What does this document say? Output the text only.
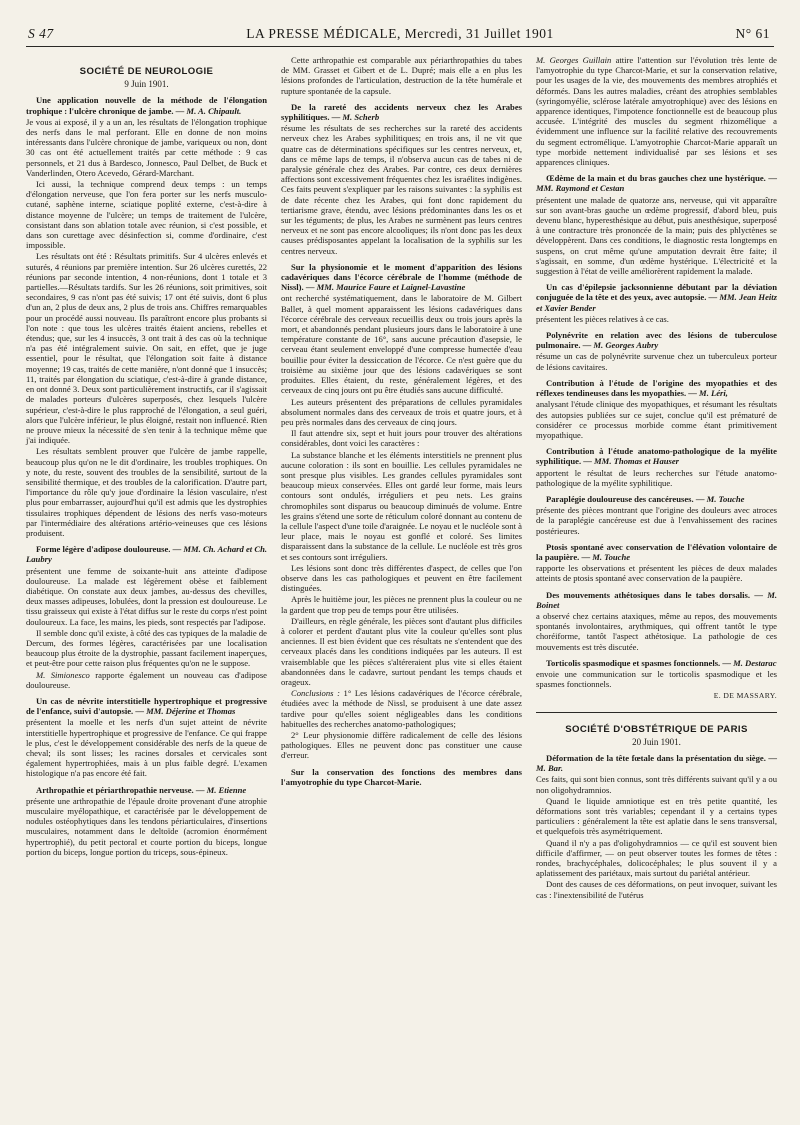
S 47	LA PRESSE MÉDICALE, Mercredi, 31 Juillet 1901	N° 61
SOCIÉTÉ DE NEUROLOGIE
9 Juin 1901.

Une application nouvelle de la méthode de l'élongation trophique : l'ulcère chronique de jambe. — M. A. Chipault.

Je vous ai exposé, il y a un an, les résultats de l'élongation trophique des nerfs dans le mal perforant. Elle en donne de non moins intéressants dans l'ulcère chronique de jambe, variqueux ou non, dont 30 cas ont été actuellement traités par cette méthode : 9 cas personnels, et 21 dus à Bardesco, Jonnesco, Paul Delbet, de Buck et Vanderlinden, Otero Acevedo, Gérard-Marchant.

Ici aussi, la technique comprend deux temps : un temps d'élongation nerveuse, que l'on fera porter sur les nerfs musculo-cutané, saphène interne, sciatique poplité externe, c'est-à-dire à distance moyenne de l'ulcère; un temps de traitement de l'ulcère, consistant dans son ablation totale avec réunion, si c'est possible, et dans son curettage avec désinfection si, comme d'ordinaire, c'est impossible.

Les résultats ont été : Résultats primitifs. Sur 4 ulcères enlevés et suturés, 4 réunions par première intention. Sur 26 ulcères curettés, 22 réunions par seconde intention, 4 non-réunions, dont 1 totale et 3 partielles.—Résultats tardifs. Sur les 26 réunions, soit primitives, soit secondaires, 9 cas n'ont pas été suivis; 17 ont été suivis, dont 6 plus d'un an, 2 plus de deux ans, 2 plus de trois ans. Chiffres remarquables pour un procédé aussi nouveau. Ils paraîtront encore plus probants si l'on note : que tous les ulcères traités étaient anciens, rebelles et étendus; que, sur les 4 insuccès, 3 ont trait à des cas où la technique n'a pas été intégralement suivie. On sait, en effet, que je juge essentiel, pour le résultat, que l'élongation soit faite à distance moyenne; 19 cas, traités de cette manière, n'ont donné que 1 insuccès; 11, traités par élongation du sciatique, c'est-à-dire à grande distance, en ont donné 3. Deux sont particulièrement instructifs, car il s'agissait de malades porteurs d'ulcères superposés, chez lesquels l'ulcère supérieur, c'est-à-dire le plus rapproché de l'élongation, a seul guéri, alors que l'ulcère inférieur, le plus éloigné, restait non influencé. Rien ne prouve mieux la nécessité de s'en tenir à la technique même que j'ai indiquée.

Les résultats semblent prouver que l'ulcère de jambe rappelle, beaucoup plus qu'on ne le dit d'ordinaire, les troubles trophiques. On y note, du reste, souvent des troubles de la sensibilité, surtout de la sensibilité thermique, et des troubles de la calorification. D'autre part, l'importance du rôle qu'y joue d'ordinaire la lésion vasculaire, n'est plus pour embarrasser, aujourd'hui qu'il est admis que les dystrophies tissulaires trophiques dépendent de lésions des nerfs vaso-moteurs par l'intermédiaire des altérations artério-veineuses que ces lésions produisent.

Forme légère d'adipose douloureuse. — MM. Ch. Achard et Ch. Laubry

présentent une femme de soixante-huit ans atteinte d'adipose douloureuse. La malade est légèrement obèse et faiblement diabétique. On constate aux deux jambes, au-dessus des chevilles, deux masses adipeuses, lobulées, dont la pression est douloureuse. Le tissu graisseux qui existe à l'état diffus sur le reste du corps n'est point douloureux. La face, les mains, les pieds, sont respectés par l'adipose.

Il semble donc qu'il existe, à côté des cas typiques de la maladie de Dercum, des formes légères, caractérisées par une localisation beaucoup plus étroite de la dystrophie, passant facilement inaperçues, et peut-être pour cette raison plus fréquentes qu'on ne le suppose.

M. Simionesco rapporte également un nouveau cas d'adipose douloureuse.

Un cas de névrite interstitielle hypertrophique et progressive de l'enfance, suivi d'autopsie. — MM. Déjerine et Thomas

présentent la moelle et les nerfs d'un sujet atteint de névrite interstitielle hypertrophique et progressive de l'enfance. Ce qui frappe le plus, c'est le développement considérable des nerfs de la queue de cheval; ils sont lisses; les racines dorsales et cervicales sont également hypertrophiées, mais à un plus faible degré. L'examen histologique n'a pas encore été fait.

Arthropathie et périarthropathie nerveuse. — M. Etienne

présente une arthropathie de l'épaule droite provenant d'une atrophie musculaire myélopathique, et caractérisée par le développement de nodules ostéophytiques dans les tendons périarticulaires, d'insertions musculaires, notamment dans le deltoïde (acromion énormément hypertrophié), du petit pectoral et courte portion du biceps, longue portion du biceps, longue portion du triceps, sous-épineux.

Cette arthropathie est comparable aux périarthropathies du tabes de MM. Grasset et Gibert et de L. Dupré; mais elle a en plus les lésions profondes de l'articulation, destruction de la tête humérale et rupture spontanée de la capsule.

De la rareté des accidents nerveux chez les Arabes syphilitiques. — M. Scherb

résume les résultats de ses recherches sur la rareté des accidents nerveux chez les Arabes syphilitiques; en trois ans, il ne vit que quatre cas de déterminations spécifiques sur les centres nerveux, et, dans ce même laps de temps, il n'observa aucun cas de tabes ni de paralysie générale chez des Arabes. Par contre, ces deux dernières affections sont excessivement fréquentes chez les israélites indigènes. Ces faits peuvent s'expliquer par les raisons suivantes : la syphilis est de date récente chez les Arabes, qui font donc rapidement du tertiarisme grave, étendu, avec lésions prédominantes dans les os et sur les téguments; de plus, les Arabes ne surmènent pas leurs centres nerveux et ne sont pas encore alcooliques; ils n'ont donc pas les deux causes prédisposantes appelant la localisation de la syphilis sur les centres nerveux.

Sur la physionomie et le moment d'apparition des lésions cadavériques dans l'écorce cérébrale de l'homme (méthode de Nissl). — MM. Maurice Faure et Laignel-Lavastine

ont recherché systématiquement, dans le laboratoire de M. Gilbert Ballet, à quel moment apparaissent les lésions cadavériques dans l'écorce cérébrale des cerveaux recueillis deux ou trois jours après la mort, et abandonnés pendant plusieurs jours dans le laboratoire à une température constante de 16°, sans aucune précaution d'asepsie, le cerveau étant seulement enveloppé d'une compresse humectée d'eau bouillie pour éviter la dessiccation de l'écorce. Ce n'est guère que du troisième au sixième jour que des lésions cadavériques se sont produites. Elles étaient, du reste, généralement légères, et des cerveaux de cinq jours ont pu être étudiés sans aucune difficulté.

Les auteurs présentent des préparations de cellules pyramidales absolument normales dans des cerveaux de trois et quatre jours, et à peu près normales dans des cerveaux de cinq jours.

Il faut attendre six, sept et huit jours pour trouver des altérations considérables, dont voici les caractères :

La substance blanche et les éléments interstitiels ne prennent plus aucune coloration : ils sont en bouillie. Les cellules pyramidales ne sont presque plus visibles. Les grandes cellules pyramidales sont beaucoup mieux conservées. Elles ont gardé leur forme, mais leurs contours sont ondulés, irréguliers et peu nets. Les grains chromophiles sont disparus ou beaucoup diminués de volume. Entre les grains s'étend une sorte de réticulum coloré donnant au contenu de la cellule l'aspect d'une toile d'araignée. Le noyau et le nucléole sont à leur place, mais le noyau est gonflé et coloré. Ses limites disparaissent dans la substance de la cellule. Le nucléole est très gros et ses contours sont irréguliers.

Les lésions sont donc très différentes d'aspect, de celles que l'on observe dans les cas pathologiques et peuvent en être facilement distinguées.

Après le huitième jour, les pièces ne prennent plus la couleur ou ne la gardent que trop peu de temps pour être utilisées.

D'ailleurs, en règle générale, les pièces sont d'autant plus difficiles à colorer et perdent d'autant plus vite la couleur qu'elles sont plus anciennes. Il est bien évident que ces résultats ne s'entendent que des cerveaux placés dans les conditions indiquées par les auteurs. Il est vraisemblable que les pièces s'altéreraient plus vite si elles étaient abandonnées dans le cadavre, surtout pendant les temps chauds et orageux.

Conclusions : 1° Les lésions cadavériques de l'écorce cérébrale, étudiées avec la méthode de Nissl, se produisent à une date assez tardive pour qu'elles soient négligeables dans les conditions habituelles des recherches anatomo-pathologiques;

2° Leur physionomie diffère radicalement de celle des lésions pathologiques. Elles ne peuvent donc pas constituer une cause d'erreur.

Sur la conservation des fonctions des membres dans l'amyotrophie du type Charcot-Marie.

M. Georges Guillain attire l'attention sur l'évolution très lente de l'amyotrophie du type Charcot-Marie, et sur la conservation relative, pour les usages de la vie, des mouvements des membres atrophiés et déformés. Dans les autres maladies, créant des atrophies semblables (syringomyélie, sclérose latérale amyotrophique) avec des lésions en apparence identiques, l'impotence fonctionnelle est de beaucoup plus accusée. L'intégrité des muscles du segment rhizomélique a évidemment une influence sur la facilité relative des recouvrements du segment ectromélique. L'amyotrophie Charcot-Marie apparaît un type morbide nettement individualisé par ses lésions et ses apparences cliniques.

Œdème de la main et du bras gauches chez une hystérique. — MM. Raymond et Cestan

présentent une malade de quatorze ans, nerveuse, qui vit apparaître sur son avant-bras gauche un œdème progressif, d'abord bleu, puis devenu blanc, hyperesthésique au début, puis anesthésique, superposé à une contracture très prononcée de la main; puis des phlyctènes se développèrent. Dans ces conditions, le diagnostic resta longtemps en suspens, on crut même qu'une amputation devrait être faite; il s'agissait, en somme, d'un œdème hystérique. L'électricité et la suggestion à l'état de veille améliorèrent rapidement la malade.

Un cas d'épilepsie jacksonnienne débutant par la déviation conjuguée de la tête et des yeux, avec autopsie. — MM. Jean Heitz et Xavier Bender

présentent les pièces relatives à ce cas.

Polynévrite en relation avec des lésions de tuberculose pulmonaire. — M. Georges Aubry

résume un cas de polynévrite survenue chez un tuberculeux porteur de lésions cavitaires.

Contribution à l'étude de l'origine des myopathies et des réflexes tendineuses dans les myopathies. — M. Léri,

analysant l'étude clinique des myopathiques, et résumant les résultats des autopsies publiées sur ce sujet, conclue qu'il est prématuré de considérer ce processus morbide comme étant primitivement myopathique.

Contribution à l'étude anatomo-pathologique de la myélite syphilitique. — MM. Thomas et Hauser

apportent le résultat de leurs recherches sur l'étude anatomo-pathologique de la myélite syphilitique.

Paraplégie douloureuse des cancéreuses. — M. Touche

présente des pièces montrant que l'origine des douleurs avec atroces de la paraplégie cancéreuse est due à l'envahissement des racines postérieures.

Ptosis spontané avec conservation de l'élévation volontaire de la paupière. — M. Touche

rapporte les observations et présentent les pièces de deux malades atteints de ptosis spontané avec conservation de la paupière.

Des mouvements athétosiques dans le tabes dorsalis. — M. Boinet

a observé chez certains ataxiques, même au repos, des mouvements spontanés involontaires, arythmiques, qui offrent tantôt le type choréiforme, tantôt l'aspect athétosique. La pathologie de ces mouvements est très discutée.

Torticolis spasmodique et spasmes fonctionnels. — M. Destarac

envoie une communication sur le torticolis spasmodique et les spasmes fonctionnels.

E. DE MASSARY.
SOCIÉTÉ D'OBSTÉTRIQUE DE PARIS
20 Juin 1901.

Déformation de la tête fœtale dans la présentation du siège. — M. Bar.

Ces faits, qui sont bien connus, sont très différents suivant qu'il y a ou non oligohydramnios.

Quand le liquide amniotique est en très petite quantité, les déformations sont très variables; cependant il y a certains types particuliers : généralement la tête est aplatie dans le sens transversal, et quelquefois très asymétriquement.

Quand il n'y a pas d'oligohydramnios — ce qu'il est souvent bien difficile d'affirmer, — on peut observer toutes les formes de têtes : rondes, brachycéphales, dolicocéphales; le plus souvent il y a aplatissement des pariétaux, mais surtout du pariétal antérieur.

Dont des causes de ces déformations, on peut invoquer, suivant les cas : l'inextensibilité de l'utérus
